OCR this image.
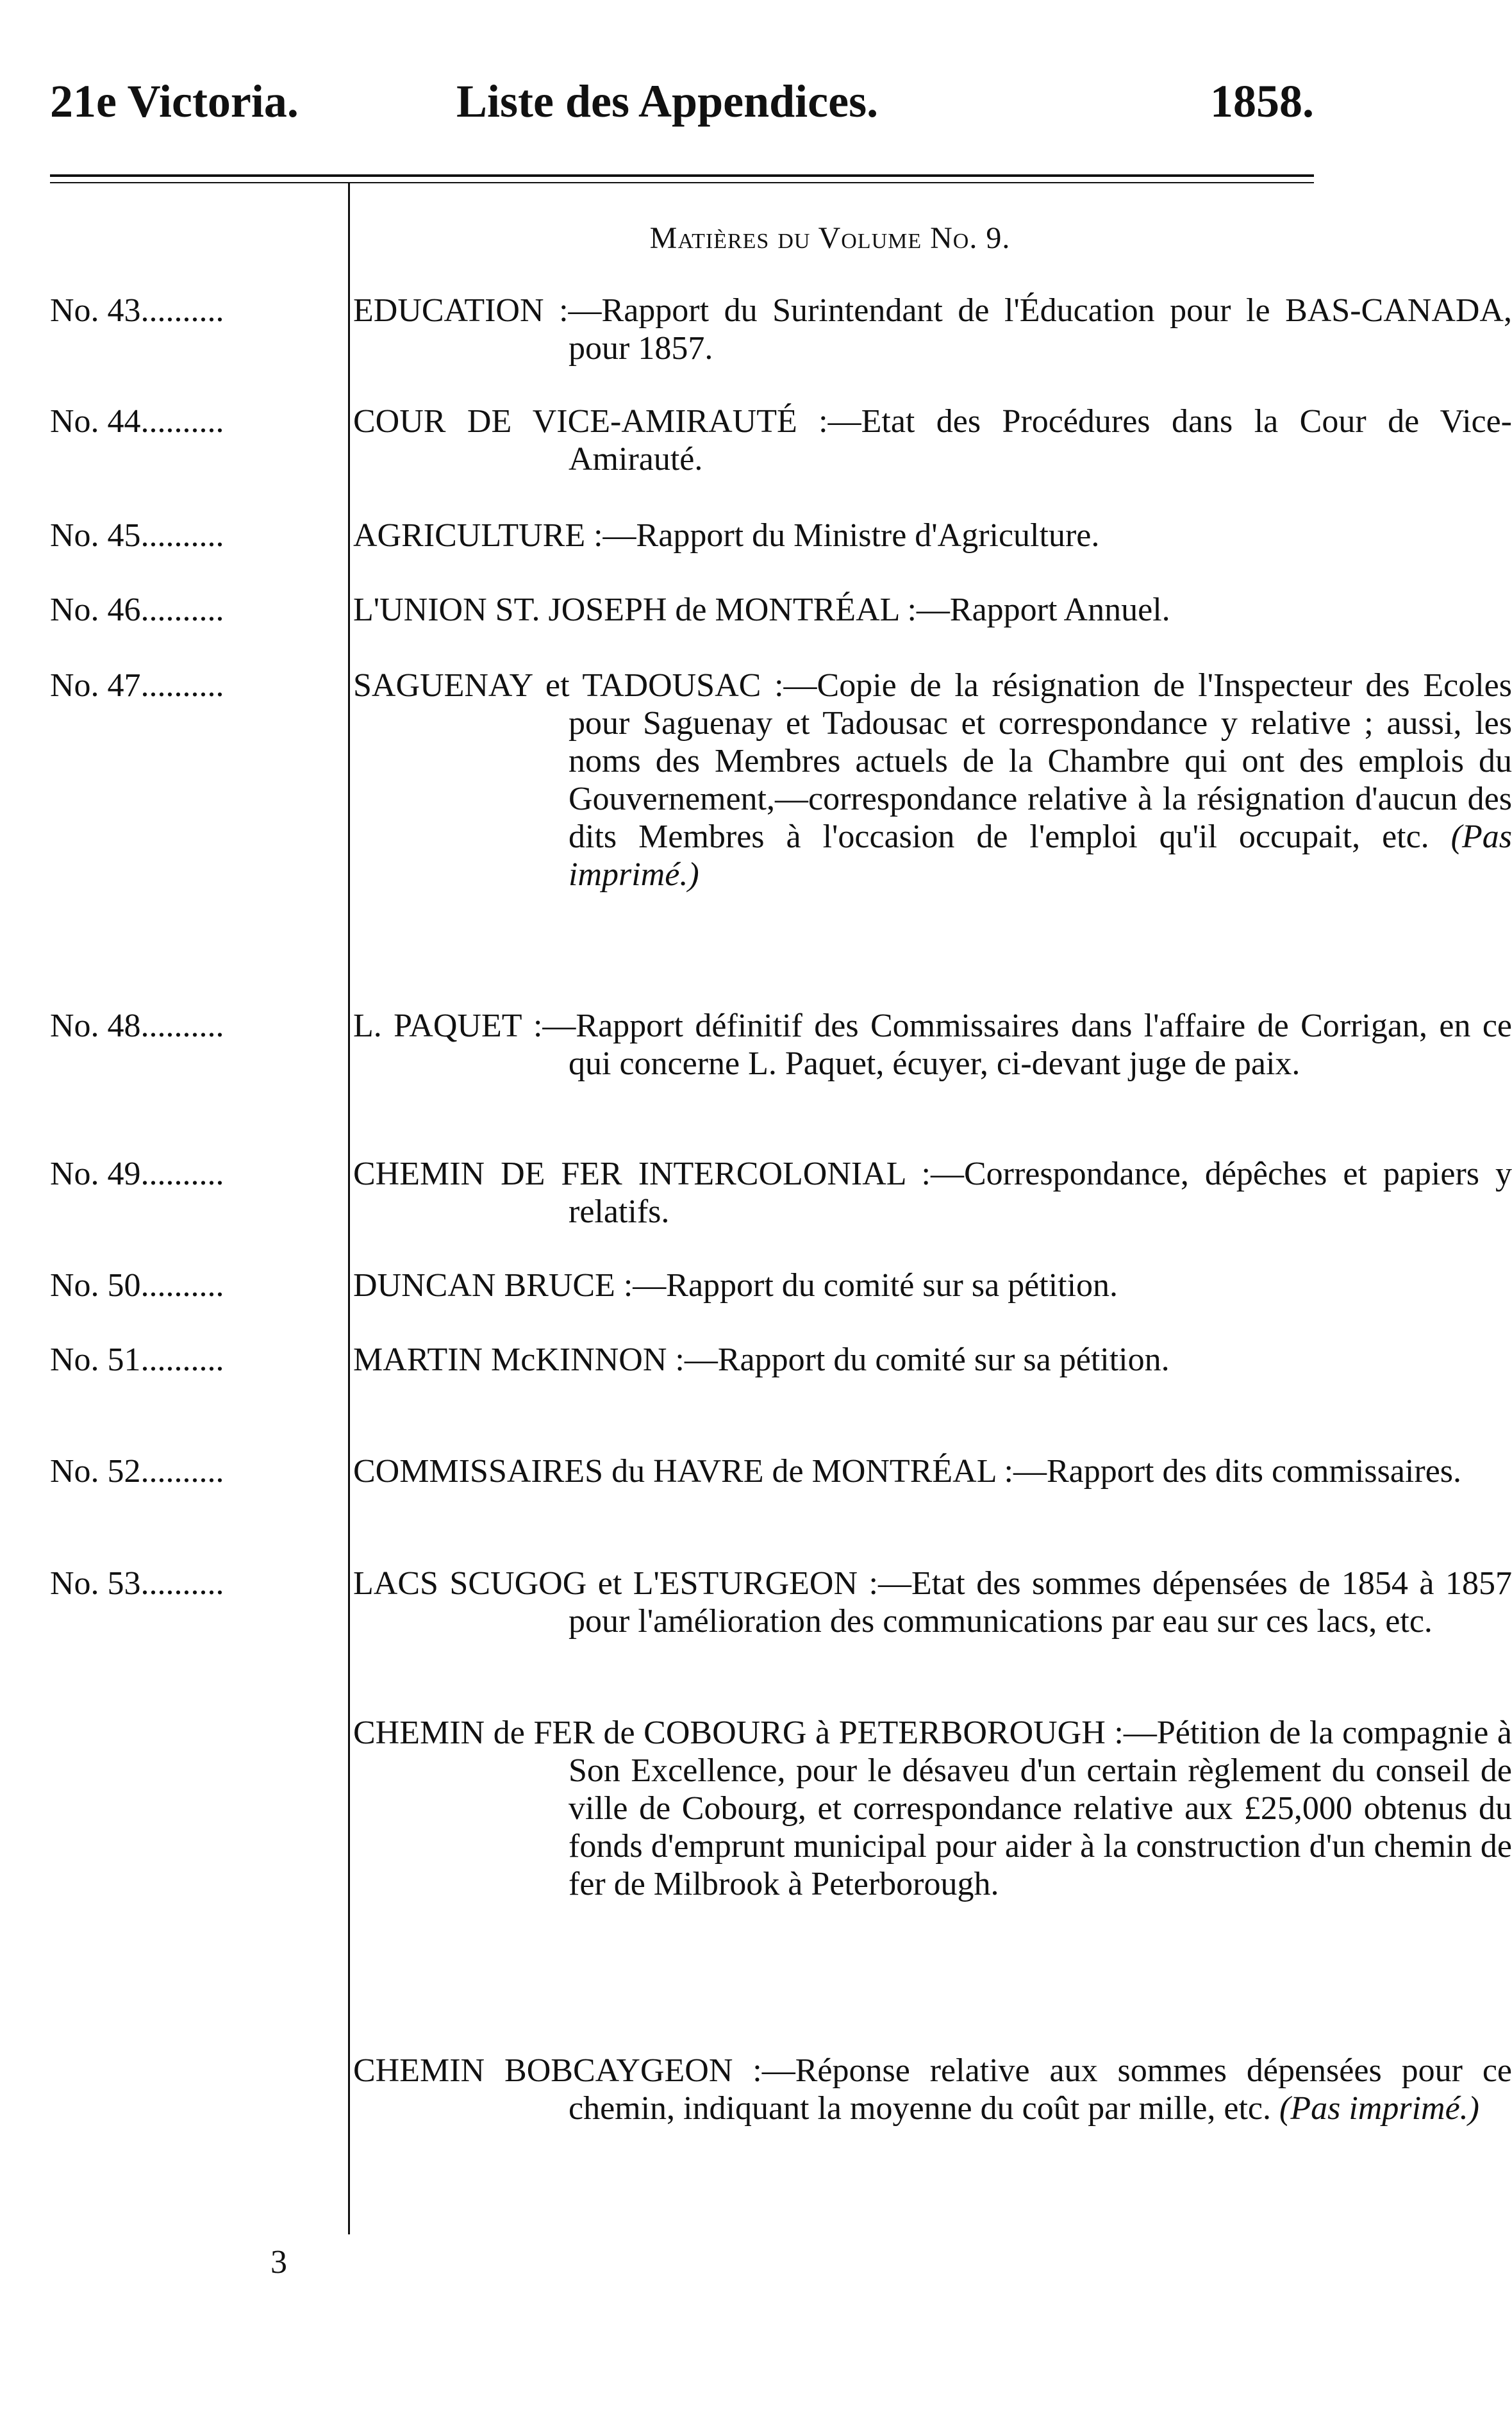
21e Victoria.	Liste des Appendices.	1858.
Matières du Volume No. 9.
No. 43..........	EDUCATION :—Rapport du Surintendant de l'Éducation pour le BAS-CANADA, pour 1857.
No. 44..........	COUR DE VICE-AMIRAUTÉ :—Etat des Procédures dans la Cour de Vice-Amirauté.
No. 45..........	AGRICULTURE :—Rapport du Ministre d'Agriculture.
No. 46..........	L'UNION ST. JOSEPH de MONTRÉAL :—Rapport Annuel.
No. 47..........	SAGUENAY et TADOUSAC :—Copie de la résignation de l'Inspecteur des Ecoles pour Saguenay et Tadousac et correspondance y relative ; aussi, les noms des Membres actuels de la Chambre qui ont des emplois du Gouvernement,—correspondance relative à la résignation d'aucun des dits Membres à l'occasion de l'emploi qu'il occupait, etc. (Pas imprimé.)
No. 48..........	L. PAQUET :—Rapport définitif des Commissaires dans l'affaire de Corrigan, en ce qui concerne L. Paquet, écuyer, ci-devant juge de paix.
No. 49..........	CHEMIN DE FER INTERCOLONIAL :—Correspondance, dépêches et papiers y relatifs.
No. 50..........	DUNCAN BRUCE :—Rapport du comité sur sa pétition.
No. 51..........	MARTIN McKINNON :—Rapport du comité sur sa pétition.
No. 52..........	COMMISSAIRES du HAVRE de MONTRÉAL :—Rapport des dits commissaires.
No. 53..........	LACS SCUGOG et L'ESTURGEON :—Etat des sommes dépensées de 1854 à 1857 pour l'amélioration des communications par eau sur ces lacs, etc.
CHEMIN de FER de COBOURG à PETERBOROUGH :—Pétition de la compagnie à Son Excellence, pour le désaveu d'un certain règlement du conseil de ville de Cobourg, et correspondance relative aux £25,000 obtenus du fonds d'emprunt municipal pour aider à la construction d'un chemin de fer de Milbrook à Peterborough.
CHEMIN BOBCAYGEON :—Réponse relative aux sommes dépensées pour ce chemin, indiquant la moyenne du coût par mille, etc. (Pas imprimé.)
3
